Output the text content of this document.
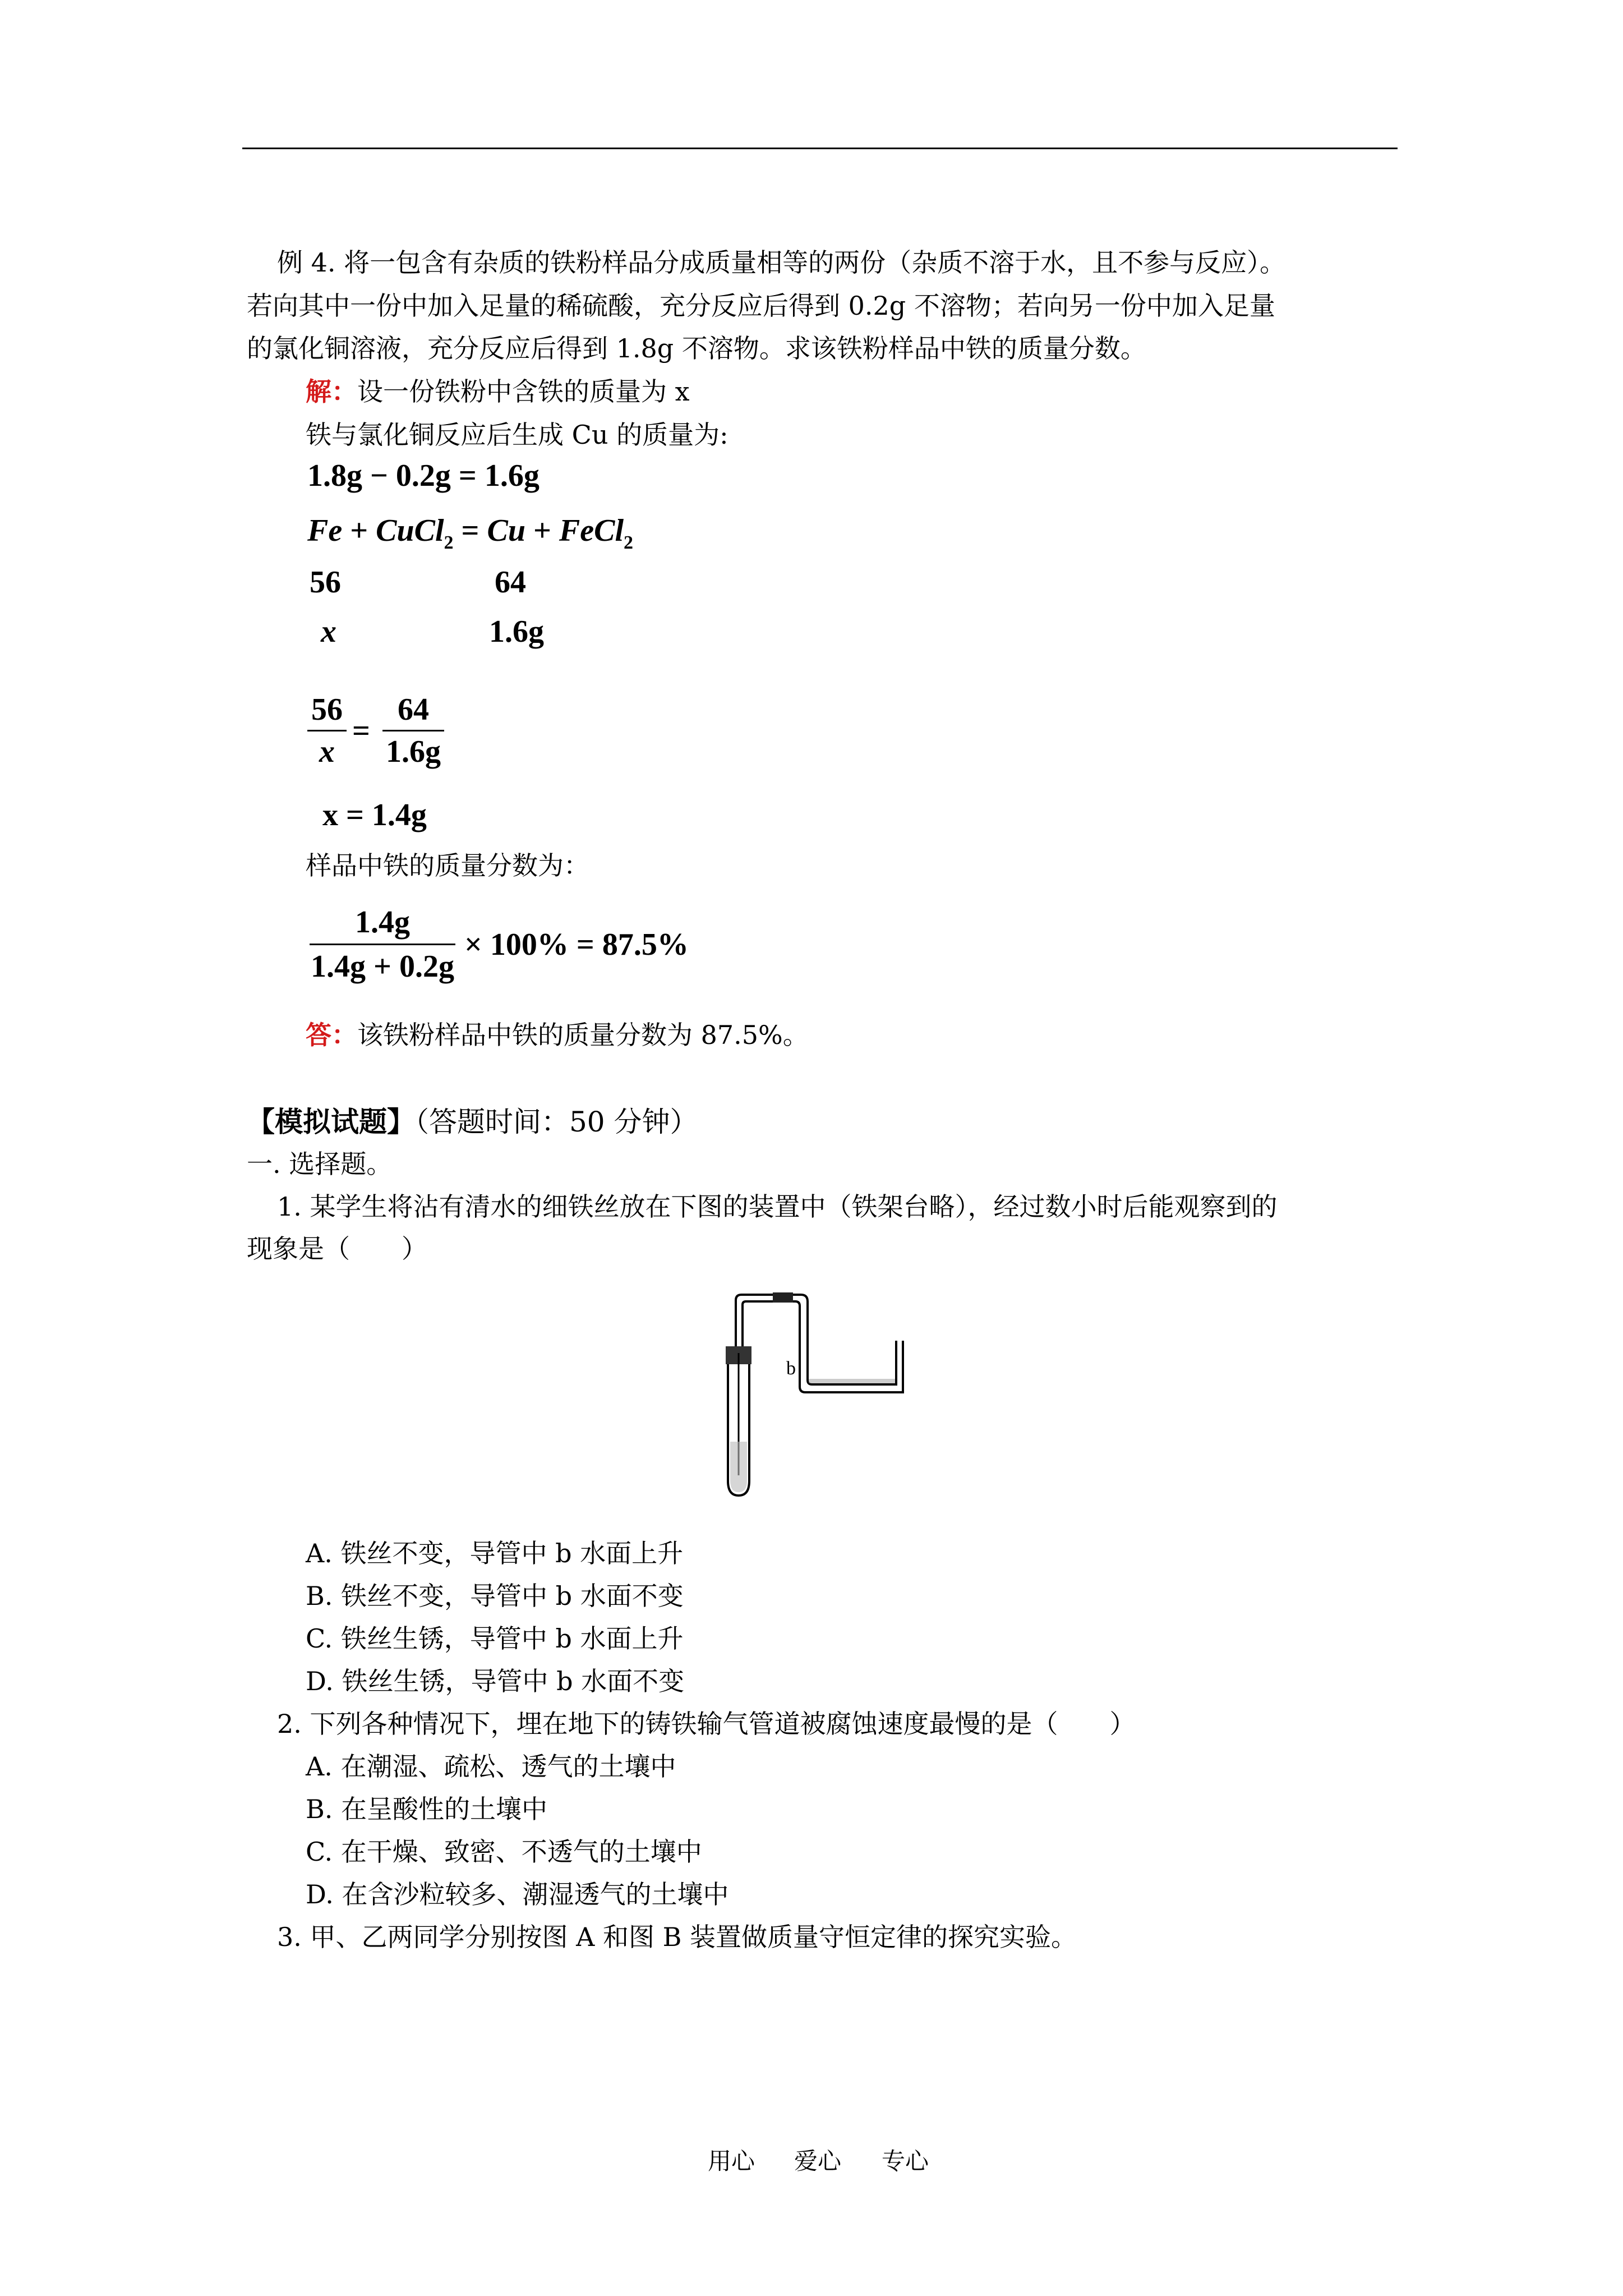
例 4. 将一包含有杂质的铁粉样品分成质量相等的两份（杂质不溶于水，且不参与反应）。
若向其中一份中加入足量的稀硫酸，充分反应后得到 0.2g 不溶物；若向另一份中加入足量
的氯化铜溶液，充分反应后得到 1.8g 不溶物。求该铁粉样品中铁的质量分数。
解：设一份铁粉中含铁的质量为 x
铁与氯化铜反应后生成 Cu 的质量为:
1.8g − 0.2g = 1.6g
Fe + CuCl$_2$ = Cu + FeCl$_2$
56	64
x	1.6g
56
x
=
64
1.6g
x = 1.4g
样品中铁的质量分数为：
1.4g
1.4g + 0.2g
× 100% = 87.5%
答：该铁粉样品中铁的质量分数为 87.5%。
【模拟试题】（答题时间：50 分钟）
一. 选择题。
1. 某学生将沾有清水的细铁丝放在下图的装置中（铁架台略），经过数小时后能观察到的
现象是（　　）
b
A. 铁丝不变，导管中 b 水面上升
B. 铁丝不变，导管中 b 水面不变
C. 铁丝生锈，导管中 b 水面上升
D. 铁丝生锈，导管中 b 水面不变
2. 下列各种情况下，埋在地下的铸铁输气管道被腐蚀速度最慢的是（　　）
A. 在潮湿、疏松、透气的土壤中
B. 在呈酸性的土壤中
C. 在干燥、致密、不透气的土壤中
D. 在含沙粒较多、潮湿透气的土壤中
3. 甲、乙两同学分别按图 A 和图 B 装置做质量守恒定律的探究实验。
用心 爱心 专心
